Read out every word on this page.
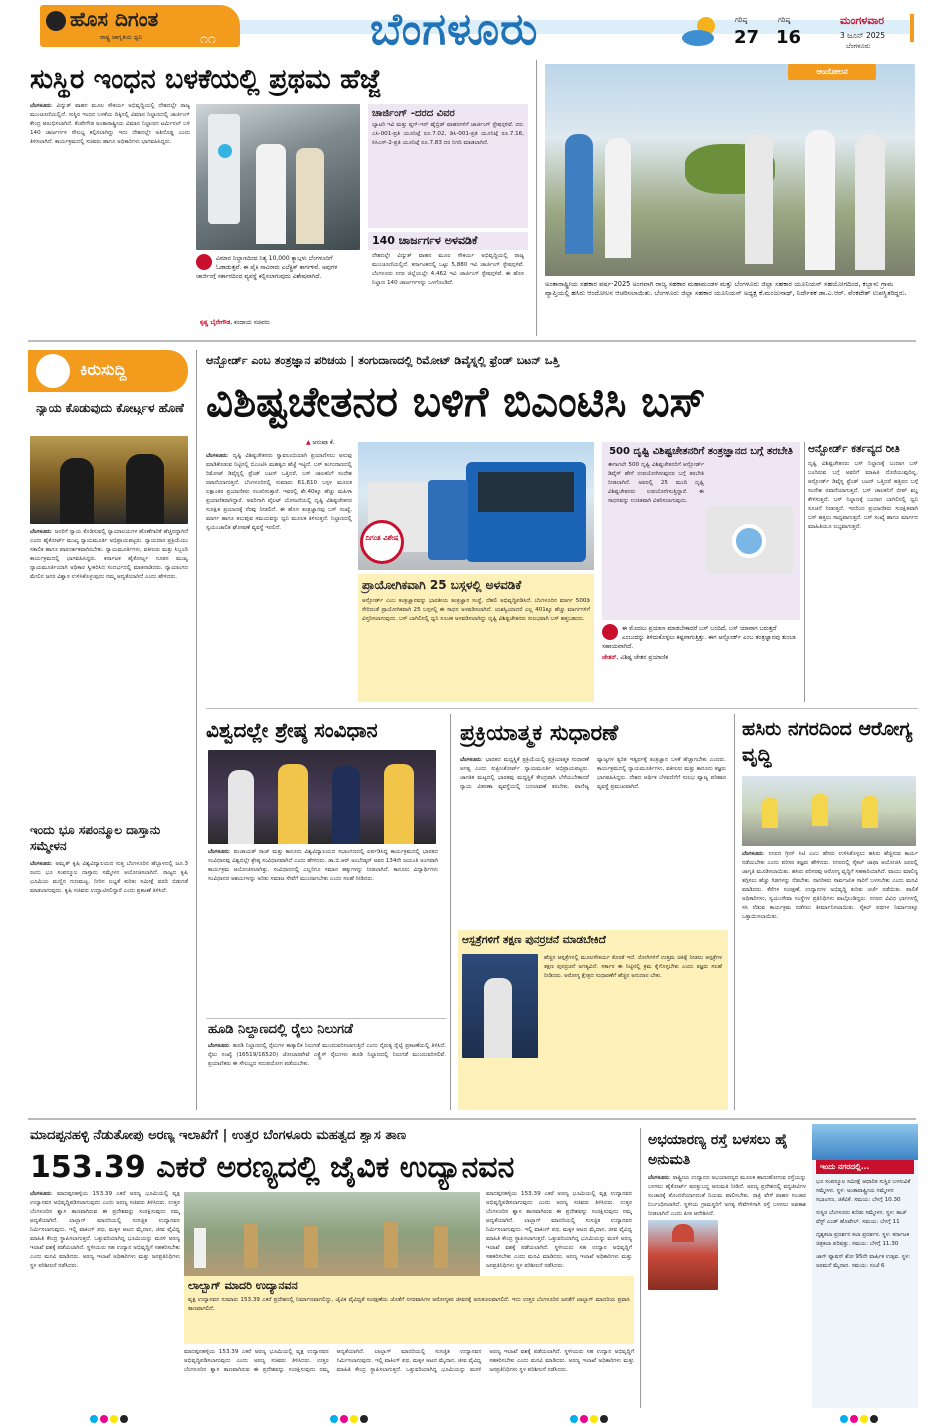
ಹೊಸ ದಿಗಂತ
ರಾಷ್ಟ್ರ ಜಾಗೃತಿಯ ಧ್ವನಿ	೧೧	ಬೆಂಗಳೂರು	ಗರಿಷ್ಠ
27
ಗರಿಷ್ಠ
16
ಮಂಗಳವಾರ
3 ಜೂನ್ 2025
ಬೆಂಗಳೂರು
ಸುಸ್ಥಿರ ಇಂಧನ ಬಳಕೆಯಲ್ಲಿ ಪ್ರಥಮ ಹೆಜ್ಜೆ
ಬೆಂಗಳೂರು: ವಿದ್ಯುತ್ ವಾಹನ ಮೂಲ ಸೌಕರ್ಯ ಅಭಿವೃದ್ಧಿಯಲ್ಲಿ ದೇಶದಲ್ಲೇ ರಾಜ್ಯ ಮುಂಚೂಣಿಯಲ್ಲಿದೆ. ಸುಸ್ಥಿರ ಇಂಧನ ಬಳಕೆಯ ದಿಕ್ಕಿನಲ್ಲಿ ವಿಮಾನ ನಿಲ್ದಾಣದಲ್ಲಿ ಚಾರ್ಜಿಂಗ್ ಕೇಂದ್ರ ಆರಂಭಿಸಲಾಗಿದೆ. ಕೆಂಪೇಗೌಡ ಅಂತಾರಾಷ್ಟ್ರೀಯ ವಿಮಾನ ನಿಲ್ದಾಣದ ಟರ್ಮಿನಲ್ ಬಳಿ 140 ಚಾರ್ಜರ್ಗಳ ಸೌಲಭ್ಯ ಕಲ್ಪಿಸಲಾಗಿದ್ದು ಇದು ದೇಶದಲ್ಲೇ ಅತಿದೊಡ್ಡ ಎಂದು ತಿಳಿಸಲಾಗಿದೆ. ಕಾರ್ಯಕ್ರಮದಲ್ಲಿ ಸಚಿವರು ಹಾಗೂ ಅಧಿಕಾರಿಗಳು ಭಾಗವಹಿಸಿದ್ದರು.
ವಿಮಾನ ನಿಲ್ದಾಣದಿಂದ ನಿತ್ಯ 10,000 ಕ್ಯಾಬ್ಗಳು ಬೆಂಗಳೂರಿಗೆ ಓಡಾಡುತ್ತವೆ. ಈ ಪೈಕಿ ಸಾವಿರಾರು ಎಲೆಕ್ಟ್ರಿಕ್ ಕಾರ್ಗಳಿವೆ. ಅವುಗಳ ಚಾರ್ಜಿಂಗ್ಗೆ ಸರ್ಕಾರದಿಂದ ವ್ಯವಸ್ಥೆ ಕಲ್ಪಿಸಲಾಗುವುದು ವಿಶೇಷವಾಗಿದೆ.
ಕೃಷ್ಣ ಬೈರೇಗೌಡ, ಕಂದಾಯ ಸಚಿವರು
ಚಾರ್ಜಿಂಗ್ -ದರದ ವಿವರ
ಬ್ಯಾಟರಿ ಇವಿ ಮತ್ತು ಪ್ಲಗ್-ಇನ್ ಹೈಬ್ರಿಡ್ ವಾಹನಗಳಿಗೆ ಚಾರ್ಜಿಂಗ್ ಸ್ಟೇಷನ್ಗಳಿವೆ. ದರ: ಎಸಿ-001-ಪ್ರತಿ ಯೂನಿಟ್ಗೆ ರೂ.7.02, ಡಿಸಿ-001-ಪ್ರತಿ ಯೂನಿಟ್ಗೆ ರೂ.7.16, ಸಿಸಿಎಸ್-2-ಪ್ರತಿ ಯೂನಿಟ್ಗೆ ರೂ.7.83 ದರ ನಿಗದಿ ಮಾಡಲಾಗಿದೆ.
140 ಚಾರ್ಜರ್ಗಳ ಅಳವಡಿಕೆ
ದೇಶದಲ್ಲೇ ವಿದ್ಯುತ್ ವಾಹನ ಮೂಲ ಸೌಕರ್ಯ ಅಭಿವೃದ್ಧಿಯಲ್ಲಿ ರಾಜ್ಯ ಮುಂಚೂಣಿಯಲ್ಲಿದೆ. ಕರ್ನಾಟಕದಲ್ಲಿ ಒಟ್ಟು 5,880 ಇವಿ ಚಾರ್ಜಿಂಗ್ ಸ್ಟೇಷನ್ಗಳಿವೆ. ಬೆಂಗಳೂರು ನಗರ ಜಿಲ್ಲೆಯಲ್ಲೇ 4,462 ಇವಿ ಚಾರ್ಜಿಂಗ್ ಸ್ಟೇಷನ್ಗಳಿವೆ. ಈ ಹೊಸ ನಿಲ್ದಾಣ 140 ಚಾರ್ಜರ್ಗಳನ್ನು ಒಳಗೊಂಡಿದೆ.
ಆಂದೋಲನ
ಅಂತಾರಾಷ್ಟ್ರೀಯ ಸಹಕಾರ ವರ್ಷ-2025 ಅಂಗವಾಗಿ ರಾಜ್ಯ ಸಹಕಾರ ಮಹಾಮಂಡಳ ಮತ್ತು ಬೆಂಗಳೂರು ಜಿಲ್ಲಾ ಸಹಕಾರ ಯೂನಿಯನ್ ಸಹಯೋಗದಿಂದ, ಕಬ್ಬಾಳು ಗ್ರಾಮ ವ್ಯಾಪ್ತಿಯಲ್ಲಿ ಹಸಿರು ಆಂದೋಲನ ಆಚರಿಸಲಾಯಿತು. ಬೆಂಗಳೂರು ಜಿಲ್ಲಾ ಸಹಕಾರ ಯೂನಿಯನ್ ಅಧ್ಯಕ್ಷ ಕೆ.ಮಂಜುನಾಥ್, ನಿರ್ದೇಶಕ ಡಾ.ಎ.ಆರ್. ವೆಂಕಟೇಶ್ ಉಪಸ್ಥಿತರಿದ್ದರು.
ಕಿರುಸುದ್ದಿ
ನ್ಯಾಯ ಕೊಡುವುದು ಕೋರ್ಟ್ಗಳ ಹೊಣೆ
ಬೆಂಗಳೂರು: ಜನರಿಗೆ ನ್ಯಾಯ ಕೊಡಿಸುವಲ್ಲಿ ನ್ಯಾಯಾಲಯಗಳ ಹೊಣೆಗಾರಿಕೆ ಹೆಚ್ಚಿನದ್ದಾಗಿದೆ ಎಂದು ಹೈಕೋರ್ಟ್ ಮುಖ್ಯ ನ್ಯಾಯಮೂರ್ತಿ ಅಭಿಪ್ರಾಯಪಟ್ಟರು. ನ್ಯಾಯದಾನ ಪ್ರಕ್ರಿಯೆಯು ಸಕಾಲಿಕ ಹಾಗೂ ಪಾರದರ್ಶಕವಾಗಿರಬೇಕು. ನ್ಯಾಯಮೂರ್ತಿಗಳು, ವಕೀಲರು ಮತ್ತು ಸಿಬ್ಬಂದಿ ಕಾರ್ಯಕ್ರಮದಲ್ಲಿ ಭಾಗವಹಿಸಿದ್ದರು. ಕರ್ನಾಟಕ ಹೈಕೋರ್ಟ್ನ ನೂತನ ಮುಖ್ಯ ನ್ಯಾಯಮೂರ್ತಿಯಾಗಿ ಅಧಿಕಾರ ಸ್ವೀಕರಿಸಿದ ಸಂದರ್ಭದಲ್ಲಿ ಮಾತನಾಡಿದರು. ನ್ಯಾಯಾಂಗದ ಮೇಲಿನ ಜನರ ವಿಶ್ವಾಸ ಉಳಿಸಿಕೊಳ್ಳುವುದು ನಮ್ಮ ಆದ್ಯತೆಯಾಗಿದೆ ಎಂದು ಹೇಳಿದರು.
ಇಂದು ಭೂ ಸಪಂನ್ಮೂಲ ದಾಸ್ತಾನು ಸಮ್ಮೇಳನ
ಬೆಂಗಳೂರು: ಅಮೃತ್ ಕೃಷಿ ವಿಶ್ವವಿದ್ಯಾಲಯದ ಸುತ್ತ ಬೆಂಗಳೂರಿನ ಹೆಬ್ಬಾಳದಲ್ಲಿ ಜೂ.3 ರಂದು ಭೂ ಸಂಪನ್ಮೂಲ ದಾಸ್ತಾನು ಸಮ್ಮೇಳನ ಆಯೋಜಿಸಲಾಗಿದೆ. ರಾಜ್ಯದ ಕೃಷಿ ಭೂಮಿಯ ಮಣ್ಣಿನ ಗುಣಮಟ್ಟ, ನೀರಿನ ಲಭ್ಯತೆ ಕುರಿತು ಸಮೀಕ್ಷೆ ವರದಿ ಬಿಡುಗಡೆ ಮಾಡಲಾಗುವುದು. ಕೃಷಿ ಸಚಿವರು ಉದ್ಘಾಟಿಸಲಿದ್ದಾರೆ ಎಂದು ಪ್ರಕಟಣೆ ತಿಳಿಸಿದೆ.
ಆನ್ಬೋರ್ಡ್ ಎಂಬ ತಂತ್ರಜ್ಞಾನ ಪರಿಚಯ | ತಂಗುದಾಣದಲ್ಲಿ ರಿಮೋಟ್ ಡಿವೈಸ್ನಲ್ಲಿ ಫ್ರೆಂಡ್ ಬಟನ್ ಒತ್ತಿ
ವಿಶಿಷ್ಟಚೇತನರ ಬಳಿಗೆ ಬಿಎಂಟಿಸಿ ಬಸ್
▲ ಅನುಷಾ ಕೆ.
ಬೆಂಗಳೂರು: ದೃಷ್ಟಿ ವಿಶಿಷ್ಟಚೇತನರು ಸ್ವಾವಲಂಬಿಯಾಗಿ ಪ್ರಯಾಣಿಸಲು ಅನುವು ಮಾಡಿಕೊಡುವ ನಿಟ್ಟಿನಲ್ಲಿ ಬಿಎಂಟಿಸಿ ಮಹತ್ವದ ಹೆಜ್ಜೆ ಇಟ್ಟಿದೆ. ಬಸ್ ತಂಗುದಾಣದಲ್ಲಿ ರಿಮೋಟ್ ಡಿವೈಸ್ನಲ್ಲಿ ಫ್ರೆಂಡ್ ಬಟನ್ ಒತ್ತಿದರೆ, ಬಸ್ ಚಾಲಕನಿಗೆ ಸಂದೇಶ ರವಾನೆಯಾಗುತ್ತದೆ. ಬೆಂಗಳೂರಿನಲ್ಲಿ ಸುಮಾರು 61,810 ಬಸ್ಗಳ ಮೂಲಕ ಲಕ್ಷಾಂತರ ಪ್ರಯಾಣಿಕರು ಸಂಚರಿಸುತ್ತಾರೆ. ಇವರಲ್ಲಿ ಶೇ.40ಕ್ಕೂ ಹೆಚ್ಚು ಮಹಿಳಾ ಪ್ರಯಾಣಿಕರಾಗಿದ್ದಾರೆ. ಅವರಿಗಾಗಿ ಪೈಲಟ್ ಯೋಜನೆಯಲ್ಲಿ ದೃಷ್ಟಿ ವಿಶಿಷ್ಟಚೇತನರ ಸುರಕ್ಷಿತ ಪ್ರಯಾಣಕ್ಕೆ ನೆರವು ನೀಡಲಿದೆ. ಈ ಹೊಸ ತಂತ್ರಜ್ಞಾನವು ಬಸ್ ಸಂಖ್ಯೆ, ಮಾರ್ಗ ಹಾಗೂ ತಲುಪುವ ಸಮಯವನ್ನು ಧ್ವನಿ ಮೂಲಕ ತಿಳಿಸುತ್ತದೆ. ನಿಲ್ದಾಣದಲ್ಲಿ ಸ್ವಯಂಚಾಲಿತ ಘೋಷಣೆ ವ್ಯವಸ್ಥೆ ಇರಲಿದೆ.
ದಿಗಂತ ವಿಶೇಷ
ಪ್ರಾಯೋಗಿಕವಾಗಿ 25 ಬಸ್ಗಳಲ್ಲಿ ಅಳವಡಿಕೆ
ಆನ್ಬೋರ್ಡ್ ಎಂಬ ತಂತ್ರಜ್ಞಾನವನ್ನು ಭಾರತೀಯ ತಂತ್ರಜ್ಞಾನ ಸಂಸ್ಥೆ, ದೆಹಲಿ ಅಭಿವೃದ್ಧಿಪಡಿಸಿದೆ. ಬೆಂಗಳೂರಿನ ಮಾರ್ಗ 500ಡಿ ಸೇರಿದಂತೆ ಪ್ರಾಯೋಗಿಕವಾಗಿ 25 ಬಸ್ಗಳಲ್ಲಿ ಈ ಸಾಧನ ಅಳವಡಿಸಲಾಗಿದೆ. ಯಶಸ್ವಿಯಾದರೆ ಎಲ್ಲ 401ಕ್ಕೂ ಹೆಚ್ಚು ಮಾರ್ಗಗಳಿಗೆ ವಿಸ್ತರಿಸಲಾಗುವುದು. ಬಸ್ ಬಾಗಿಲಿನಲ್ಲಿ ಧ್ವನಿ ಸೂಚಕ ಅಳವಡಿಸಲಾಗಿದ್ದು ದೃಷ್ಟಿ ವಿಶಿಷ್ಟಚೇತನರು ಸುಲಭವಾಗಿ ಬಸ್ ಹತ್ತಬಹುದು.
500 ದೃಷ್ಟಿ ವಿಶಿಷ್ಟಚೇತನರಿಗೆ ತಂತ್ರಜ್ಞಾನದ ಬಗ್ಗೆ ತರಬೇತಿ
ಈಗಾಗಲೇ 500 ದೃಷ್ಟಿ ವಿಶಿಷ್ಟಚೇತನರಿಗೆ ಆನ್ಬೋರ್ಡ್ ಡಿವೈಸ್ ಹೇಗೆ ಉಪಯೋಗಿಸುವುದರ ಬಗ್ಗೆ ತರಬೇತಿ ನೀಡಲಾಗಿದೆ. ಅವರಲ್ಲಿ 25 ಮಂದಿ ದೃಷ್ಟಿ ವಿಶಿಷ್ಟಚೇತನರು ಉಪಯೋಗಿಸುತ್ತಿದ್ದಾರೆ. ಈ ಸಾಧನವನ್ನು ಉಚಿತವಾಗಿ ವಿತರಿಸಲಾಗುವುದು.
ಈ ಮೊದಲು ಪ್ರಯಾಣ ಮಾಡಬೇಕಾದರೆ ಬಸ್ ಬಂದಿದೆ, ಬಸ್ ಯಾವಾಗ ಬರುತ್ತದೆ ಎಂಬುದನ್ನು ತಿಳಿದುಕೊಳ್ಳಲು ಕಷ್ಟವಾಗುತ್ತಿತ್ತು. ಈಗ ಆನ್ಬೋರ್ಡ್ ಎಂಬ ತಂತ್ರಜ್ಞಾನವು ತುಂಬಾ ಸಹಾಯವಾಗಿದೆ.
ಚೇತನ್, ವಿಶಿಷ್ಟ ಚೇತನ ಪ್ರಯಾಣಿಕ
ಆನ್ಬೋರ್ಡ್ ಕರ್ತವ್ಯದ ರೀತಿ
ದೃಷ್ಟಿ ವಿಶಿಷ್ಟಚೇತನರು ಬಸ್ ನಿಲ್ದಾಣಕ್ಕೆ ಬಂದಾಗ ಬಸ್ ಬಂದಿರುವ ಬಗ್ಗೆ ಅವರಿಗೆ ಮಾಹಿತಿ ದೊರೆಯುವುದಿಲ್ಲ. ಆನ್ಬೋರ್ಡ್ ಡಿವೈಸ್ನ ಫ್ರೆಂಡ್ ಬಟನ್ ಒತ್ತಿದರೆ ಹತ್ತಿರದ ಬಸ್ಗೆ ಸಂದೇಶ ರವಾನೆಯಾಗುತ್ತದೆ. ಬಸ್ ಚಾಲಕನಿಗೆ ಬೀಪ್ ಶಬ್ದ ಕೇಳಿಸುತ್ತದೆ. ಬಸ್ ನಿಲ್ದಾಣಕ್ಕೆ ಬಂದಾಗ ಬಾಗಿಲಿನಲ್ಲಿ ಧ್ವನಿ ಸೂಚನೆ ನೀಡುತ್ತದೆ. ಇದರಿಂದ ಪ್ರಯಾಣಿಕರು ಸುರಕ್ಷಿತವಾಗಿ ಬಸ್ ಹತ್ತಲು ಸಾಧ್ಯವಾಗುತ್ತದೆ. ಬಸ್ ಸಂಖ್ಯೆ ಹಾಗೂ ಮಾರ್ಗದ ಮಾಹಿತಿಯೂ ಲಭ್ಯವಾಗುತ್ತದೆ.
ವಿಶ್ವದಲ್ಲೇ ಶ್ರೇಷ್ಠ ಸಂವಿಧಾನ
ಬೆಂಗಳೂರು: ಪಂಚಾಯತ್ ರಾಜ್ ಮತ್ತು ಕಾನೂನು ವಿಶ್ವವಿದ್ಯಾಲಯದ ಸಭಾಂಗಣದಲ್ಲಿ ಏರ್ಪಡಿಸಿದ್ದ ಕಾರ್ಯಕ್ರಮದಲ್ಲಿ ಭಾರತದ ಸಂವಿಧಾನವು ವಿಶ್ವದಲ್ಲೇ ಶ್ರೇಷ್ಠ ಸಂವಿಧಾನವಾಗಿದೆ ಎಂದು ಹೇಳಿದರು. ಡಾ.ಬಿ.ಆರ್.ಅಂಬೇಡ್ಕರ್ ಅವರ 134ನೇ ಜಯಂತಿ ಅಂಗವಾಗಿ ಕಾರ್ಯಕ್ರಮ ಆಯೋಜಿಸಲಾಗಿತ್ತು. ಸಂವಿಧಾನದಲ್ಲಿ ಎಲ್ಲರಿಗೂ ಸಮಾನ ಹಕ್ಕುಗಳನ್ನು ನೀಡಲಾಗಿದೆ. ಕಾನೂನು ವಿದ್ಯಾರ್ಥಿಗಳು ಸಂವಿಧಾನದ ಆಶಯಗಳನ್ನು ಅರಿತು ಸಮಾಜ ಸೇವೆಗೆ ಮುಂದಾಗಬೇಕು ಎಂದು ಸಲಹೆ ನೀಡಿದರು.
ಹೂಡಿ ನಿಲ್ದಾಣದಲ್ಲಿ ರೈಲು ನಿಲುಗಡೆ
ಬೆಂಗಳೂರು: ಹೂಡಿ ನಿಲ್ದಾಣದಲ್ಲಿ ರೈಲುಗಳ ತಾತ್ಕಾಲಿಕ ನಿಲುಗಡೆ ಮುಂದುವರಿಸಲಾಗುತ್ತಿದೆ ಎಂದು ನೈರುತ್ಯ ರೈಲ್ವೆ ಪ್ರಕಟಣೆಯಲ್ಲಿ ತಿಳಿಸಿದೆ. ರೈಲು ಸಂಖ್ಯೆ (16519/16520) ಜೋಲಾರಪೇಟೆ ಎಕ್ಸ್ಪ್ರೆಸ್ ರೈಲುಗಳು ಹೂಡಿ ನಿಲ್ದಾಣದಲ್ಲಿ ನಿಲುಗಡೆ ಮುಂದುವರಿಸಲಿವೆ. ಪ್ರಯಾಣಿಕರು ಈ ಸೌಲಭ್ಯದ ಸದುಪಯೋಗ ಪಡೆಯಬೇಕು.
ಪ್ರಕ್ರಿಯಾತ್ಮಕ ಸುಧಾರಣೆ
ಬೆಂಗಳೂರು: ಭಾರತದ ಮಧ್ಯಸ್ಥಿಕೆ ಪ್ರಕ್ರಿಯೆಯಲ್ಲಿ ಪ್ರಕ್ರಿಯಾತ್ಮಕ ಸುಧಾರಣೆ ಅಗತ್ಯ ಎಂದು ಸುಪ್ರೀಂಕೋರ್ಟ್ ನ್ಯಾಯಮೂರ್ತಿ ಅಭಿಪ್ರಾಯಪಟ್ಟರು. ಜಾಗತಿಕ ಮಟ್ಟದಲ್ಲಿ ಭಾರತವು ಮಧ್ಯಸ್ಥಿಕೆ ಕೇಂದ್ರವಾಗಿ ಬೆಳೆಯಬೇಕಾದರೆ ನ್ಯಾಯ ವಿತರಣಾ ವ್ಯವಸ್ಥೆಯಲ್ಲಿ ಬದಲಾವಣೆ ತರಬೇಕು. ವಾಣಿಜ್ಯ ವ್ಯಾಜ್ಯಗಳ ತ್ವರಿತ ಇತ್ಯರ್ಥಕ್ಕೆ ತಂತ್ರಜ್ಞಾನ ಬಳಕೆ ಹೆಚ್ಚಾಗಬೇಕು ಎಂದರು. ಕಾರ್ಯಕ್ರಮದಲ್ಲಿ ನ್ಯಾಯಮೂರ್ತಿಗಳು, ವಕೀಲರು ಮತ್ತು ಕಾನೂನು ತಜ್ಞರು ಭಾಗವಹಿಸಿದ್ದರು. ದೇಶದ ಆರ್ಥಿಕ ಬೆಳವಣಿಗೆಗೆ ಸುಲಭ ವ್ಯಾಜ್ಯ ಪರಿಹಾರ ವ್ಯವಸ್ಥೆ ಪ್ರಮುಖವಾಗಿದೆ.
ಆಸ್ಪತ್ರೆಗಳಿಗೆ ತಕ್ಷಣ ಪುನರ್ರಚನೆ ಮಾಡಬೇಕಿದೆ
ಹೆಚ್ಚಿನ ಆಸ್ಪತ್ರೆಗಳಲ್ಲಿ ಮೂಲಸೌಕರ್ಯ ಕೊರತೆ ಇದೆ. ರೋಗಿಗಳಿಗೆ ಉತ್ತಮ ಚಿಕಿತ್ಸೆ ನೀಡಲು ಆಸ್ಪತ್ರೆಗಳ ತಕ್ಷಣ ಪುನರ್ರಚನೆ ಅಗತ್ಯವಿದೆ. ಸರ್ಕಾರ ಈ ನಿಟ್ಟಿನಲ್ಲಿ ಕ್ರಮ ಕೈಗೊಳ್ಳಬೇಕು ಎಂದು ತಜ್ಞರು ಸಲಹೆ ನೀಡಿದರು. ಆರೋಗ್ಯ ಕ್ಷೇತ್ರದ ಸುಧಾರಣೆಗೆ ಹೆಚ್ಚಿನ ಅನುದಾನ ಬೇಕು.
ಹಸಿರು ನಗರದಿಂದ ಆರೋಗ್ಯ ವೃದ್ಧಿ
ಬೆಂಗಳೂರು: ನಗರದ ಗ್ರೀನ್ ಸಿಟಿ ಎಂಬ ಹೆಸರು ಉಳಿಸಿಕೊಳ್ಳಲು ಹಸಿರು ಹೆಚ್ಚಿಸುವ ಕಾರ್ಯ ನಡೆಯಬೇಕು ಎಂದು ಪರಿಸರ ತಜ್ಞರು ಹೇಳಿದರು. ನಗರದಲ್ಲಿ ಸೈಕಲ್ ಜಾಥಾ ಆಯೋಜಿಸಿ ಜನರಲ್ಲಿ ಜಾಗೃತಿ ಮೂಡಿಸಲಾಯಿತು. ಹಸಿರು ಪರಿಸರವು ಆರೋಗ್ಯ ವೃದ್ಧಿಗೆ ಸಹಕಾರಿಯಾಗಿದೆ. ವಾಯು ಮಾಲಿನ್ಯ ತಗ್ಗಿಸಲು ಹೆಚ್ಚು ಗಿಡಗಳನ್ನು ನೆಡಬೇಕು. ನಾಗರಿಕರು ಸಾರ್ವಜನಿಕ ಸಾರಿಗೆ ಬಳಸಬೇಕು ಎಂದು ಮನವಿ ಮಾಡಿದರು. ಕೆರೆಗಳ ಸಂರಕ್ಷಣೆ, ಉದ್ಯಾನಗಳ ಅಭಿವೃದ್ಧಿ ಕುರಿತು ಚರ್ಚೆ ನಡೆಯಿತು. ಪಾಲಿಕೆ ಅಧಿಕಾರಿಗಳು, ಸ್ವಯಂಸೇವಾ ಸಂಸ್ಥೆಗಳ ಪ್ರತಿನಿಧಿಗಳು ಪಾಲ್ಗೊಂಡಿದ್ದರು. ನಗರದ ವಿವಿಧ ಭಾಗಗಳಲ್ಲಿ ಸಸಿ ನೆಡುವ ಕಾರ್ಯಕ್ರಮ ನಡೆಸಲು ತೀರ್ಮಾನಿಸಲಾಯಿತು. ಸೈಕಲ್ ಪಥಗಳ ನಿರ್ಮಾಣಕ್ಕೂ ಒತ್ತಾಯಿಸಲಾಯಿತು.
ಮಾದಪ್ಪನಹಳ್ಳಿ ನೆಡುತೋಪು ಅರಣ್ಯ ಇಲಾಖೆಗೆ | ಉತ್ತರ ಬೆಂಗಳೂರು ಮಹತ್ವದ ಶ್ವಾಸ ತಾಣ
153.39 ಎಕರೆ ಅರಣ್ಯದಲ್ಲಿ ಜೈವಿಕ ಉದ್ಯಾನವನ
ಬೆಂಗಳೂರು: ಮಾದಪ್ಪನಹಳ್ಳಿಯ 153.39 ಎಕರೆ ಅರಣ್ಯ ಭೂಮಿಯಲ್ಲಿ ವೃಕ್ಷ ಉದ್ಯಾನವನ ಅಭಿವೃದ್ಧಿಪಡಿಸಲಾಗುವುದು ಎಂದು ಅರಣ್ಯ ಸಚಿವರು ತಿಳಿಸಿದರು. ಉತ್ತರ ಬೆಂಗಳೂರಿನ ಶ್ವಾಸ ತಾಣವಾಗಿರುವ ಈ ಪ್ರದೇಶವನ್ನು ಸಂರಕ್ಷಿಸುವುದು ನಮ್ಮ ಆದ್ಯತೆಯಾಗಿದೆ. ಲಾಲ್ಬಾಗ್ ಮಾದರಿಯಲ್ಲಿ ಸುಸಜ್ಜಿತ ಉದ್ಯಾನವನ ನಿರ್ಮಿಸಲಾಗುವುದು. ಇಲ್ಲಿ ವಾಕಿಂಗ್ ಪಥ, ಮಕ್ಕಳ ಆಟದ ಮೈದಾನ, ಜೀವ ವೈವಿಧ್ಯ ಮಾಹಿತಿ ಕೇಂದ್ರ ಸ್ಥಾಪಿಸಲಾಗುತ್ತದೆ. ಒತ್ತುವರಿಯಾಗಿದ್ದ ಭೂಮಿಯನ್ನು ಮರಳಿ ಅರಣ್ಯ ಇಲಾಖೆ ವಶಕ್ಕೆ ಪಡೆಯಲಾಗಿದೆ. ಸ್ಥಳೀಯರು ಸಹ ಉದ್ಯಾನ ಅಭಿವೃದ್ಧಿಗೆ ಸಹಕರಿಸಬೇಕು ಎಂದು ಮನವಿ ಮಾಡಿದರು. ಅರಣ್ಯ ಇಲಾಖೆ ಅಧಿಕಾರಿಗಳು ಮತ್ತು ಜನಪ್ರತಿನಿಧಿಗಳು ಸ್ಥಳ ಪರಿಶೀಲನೆ ನಡೆಸಿದರು.
ಲಾಲ್ಬಾಗ್ ಮಾದರಿ ಉದ್ಯಾನವನ
ವೃಕ್ಷ ಉದ್ಯಾನವನ ಸುಮಾರು 153.39 ಎಕರೆ ಪ್ರದೇಶದಲ್ಲಿ ನಿರ್ಮಾಣವಾಗಲಿದ್ದು, ಜೈವಿಕ ವೈವಿಧ್ಯತೆ ಸಂರಕ್ಷಣೆಯ ಜೊತೆಗೆ ನಗರವಾಸಿಗಳ ಆರೋಗ್ಯಕರ ಜೀವನಕ್ಕೆ ಅನುಕೂಲವಾಗಲಿದೆ. ಇದು ಉತ್ತರ ಬೆಂಗಳೂರಿನ ಜನತೆಗೆ ಲಾಲ್ಬಾಗ್ ಮಾದರಿಯ ಪ್ರವಾಸಿ ತಾಣವಾಗಲಿದೆ.
ಮಾದಪ್ಪನಹಳ್ಳಿಯ 153.39 ಎಕರೆ ಅರಣ್ಯ ಭೂಮಿಯಲ್ಲಿ ವೃಕ್ಷ ಉದ್ಯಾನವನ ಅಭಿವೃದ್ಧಿಪಡಿಸಲಾಗುವುದು ಎಂದು ಅರಣ್ಯ ಸಚಿವರು ತಿಳಿಸಿದರು. ಉತ್ತರ ಬೆಂಗಳೂರಿನ ಶ್ವಾಸ ತಾಣವಾಗಿರುವ ಈ ಪ್ರದೇಶವನ್ನು ಸಂರಕ್ಷಿಸುವುದು ನಮ್ಮ ಆದ್ಯತೆಯಾಗಿದೆ. ಲಾಲ್ಬಾಗ್ ಮಾದರಿಯಲ್ಲಿ ಸುಸಜ್ಜಿತ ಉದ್ಯಾನವನ ನಿರ್ಮಿಸಲಾಗುವುದು. ಇಲ್ಲಿ ವಾಕಿಂಗ್ ಪಥ, ಮಕ್ಕಳ ಆಟದ ಮೈದಾನ, ಜೀವ ವೈವಿಧ್ಯ ಮಾಹಿತಿ ಕೇಂದ್ರ ಸ್ಥಾಪಿಸಲಾಗುತ್ತದೆ. ಒತ್ತುವರಿಯಾಗಿದ್ದ ಭೂಮಿಯನ್ನು ಮರಳಿ ಅರಣ್ಯ ಇಲಾಖೆ ವಶಕ್ಕೆ ಪಡೆಯಲಾಗಿದೆ. ಸ್ಥಳೀಯರು ಸಹ ಉದ್ಯಾನ ಅಭಿವೃದ್ಧಿಗೆ ಸಹಕರಿಸಬೇಕು ಎಂದು ಮನವಿ ಮಾಡಿದರು. ಅರಣ್ಯ ಇಲಾಖೆ ಅಧಿಕಾರಿಗಳು ಮತ್ತು ಜನಪ್ರತಿನಿಧಿಗಳು ಸ್ಥಳ ಪರಿಶೀಲನೆ ನಡೆಸಿದರು.
ಮಾದಪ್ಪನಹಳ್ಳಿಯ 153.39 ಎಕರೆ ಅರಣ್ಯ ಭೂಮಿಯಲ್ಲಿ ವೃಕ್ಷ ಉದ್ಯಾನವನ ಅಭಿವೃದ್ಧಿಪಡಿಸಲಾಗುವುದು ಎಂದು ಅರಣ್ಯ ಸಚಿವರು ತಿಳಿಸಿದರು. ಉತ್ತರ ಬೆಂಗಳೂರಿನ ಶ್ವಾಸ ತಾಣವಾಗಿರುವ ಈ ಪ್ರದೇಶವನ್ನು ಸಂರಕ್ಷಿಸುವುದು ನಮ್ಮ ಆದ್ಯತೆಯಾಗಿದೆ. ಲಾಲ್ಬಾಗ್ ಮಾದರಿಯಲ್ಲಿ ಸುಸಜ್ಜಿತ ಉದ್ಯಾನವನ ನಿರ್ಮಿಸಲಾಗುವುದು. ಇಲ್ಲಿ ವಾಕಿಂಗ್ ಪಥ, ಮಕ್ಕಳ ಆಟದ ಮೈದಾನ, ಜೀವ ವೈವಿಧ್ಯ ಮಾಹಿತಿ ಕೇಂದ್ರ ಸ್ಥಾಪಿಸಲಾಗುತ್ತದೆ. ಒತ್ತುವರಿಯಾಗಿದ್ದ ಭೂಮಿಯನ್ನು ಮರಳಿ ಅರಣ್ಯ ಇಲಾಖೆ ವಶಕ್ಕೆ ಪಡೆಯಲಾಗಿದೆ. ಸ್ಥಳೀಯರು ಸಹ ಉದ್ಯಾನ ಅಭಿವೃದ್ಧಿಗೆ ಸಹಕರಿಸಬೇಕು ಎಂದು ಮನವಿ ಮಾಡಿದರು. ಅರಣ್ಯ ಇಲಾಖೆ ಅಧಿಕಾರಿಗಳು ಮತ್ತು ಜನಪ್ರತಿನಿಧಿಗಳು ಸ್ಥಳ ಪರಿಶೀಲನೆ ನಡೆಸಿದರು.
ಅಭಯಾರಣ್ಯ ರಸ್ತೆ ಬಳಸಲು ಹೈ ಅನುಮತಿ
ಬೆಂಗಳೂರು: ರಾಷ್ಟ್ರೀಯ ಉದ್ಯಾನದ ಅಭಯಾರಣ್ಯದ ಮೂಲಕ ಹಾದುಹೋಗುವ ರಸ್ತೆಯನ್ನು ಬಳಸಲು ಹೈಕೋರ್ಟ್ ಷರತ್ತುಬದ್ಧ ಅನುಮತಿ ನೀಡಿದೆ. ಅರಣ್ಯ ಪ್ರದೇಶದಲ್ಲಿ ವನ್ಯಜೀವಿಗಳ ಸಂಚಾರಕ್ಕೆ ತೊಂದರೆಯಾಗದಂತೆ ನಿಯಮ ಪಾಲಿಸಬೇಕು. ರಾತ್ರಿ ವೇಳೆ ವಾಹನ ಸಂಚಾರ ನಿರ್ಬಂಧಿಸಲಾಗಿದೆ. ಸ್ಥಳೀಯ ಗ್ರಾಮಸ್ಥರಿಗೆ ಅಗತ್ಯ ಸೇವೆಗಳಿಗಾಗಿ ರಸ್ತೆ ಬಳಸಲು ಅವಕಾಶ ನೀಡಲಾಗಿದೆ ಎಂದು ಪೀಠ ಆದೇಶಿಸಿದೆ.
ಇಂದು ನಗರದಲ್ಲಿ...
ಭೂ ಸಂಪನ್ಮೂಲ ಸಮೀಕ್ಷೆ ಆಧಾರಿತ ಸುಸ್ಥಿರ ಬಳಸುವಿಕೆ ಸಮ್ಮೇಳನ. ಸ್ಥಳ: ಅಂತಾರಾಷ್ಟ್ರೀಯ ಸಮ್ಮೇಳನ ಸಭಾಂಗಣ, ಜಿಕೆವಿಕೆ. ಸಮಯ: ಬೆಳಗ್ಗೆ 10.30
ಸುಸ್ಥಿರ ಬೆಂಗಳೂರು ಕುರಿತು ಸಮ್ಮೇಳನ. ಸ್ಥಳ: ತಾಜ್ ವೆಸ್ಟ್ ಎಂಡ್ ಹೊಟೇಲ್. ಸಮಯ: ಬೆಳಗ್ಗೆ 11
ದೃಶ್ಯಕಲಾ ಪ್ರದರ್ಶನ ಕಲಾ ಪ್ರದರ್ಶನ. ಸ್ಥಳ: ಕರ್ನಾಟಕ ಚಿತ್ರಕಲಾ ಪರಿಷತ್ತು. ಸಮಯ: ಬೆಳಗ್ಗೆ 11.30
ಜಾಗ್ ಫ್ಯಾಷನ್ ಶೋ 95ನೇ ವಾರ್ಷಿಕ ಉತ್ಸವ. ಸ್ಥಳ: ಅರಮನೆ ಮೈದಾನ. ಸಮಯ: ಸಂಜೆ 6
